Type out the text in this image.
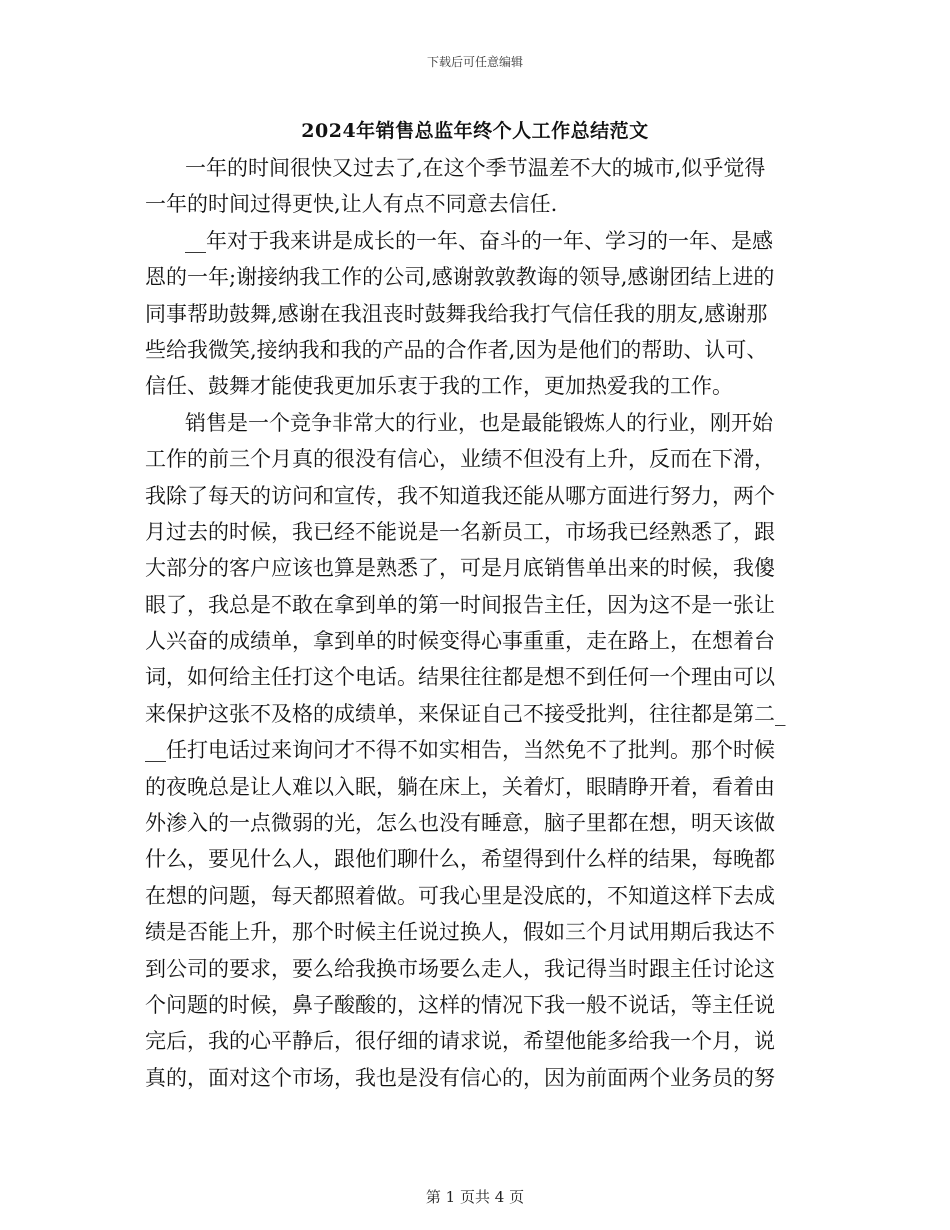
下载后可任意编辑
2024年销售总监年终个人工作总结范文
一年的时间很快又过去了,在这个季节温差不大的城市,似乎觉得
一年的时间过得更快,让人有点不同意去信任.
__年对于我来讲是成长的一年、奋斗的一年、学习的一年、是感
恩的一年;谢接纳我工作的公司,感谢敦敦教诲的领导,感谢团结上进的
同事帮助鼓舞,感谢在我沮丧时鼓舞我给我打气信任我的朋友,感谢那
些给我微笑,接纳我和我的产品的合作者,因为是他们的帮助、认可、
信任、鼓舞才能使我更加乐衷于我的工作，更加热爱我的工作。
销售是一个竞争非常大的行业，也是最能锻炼人的行业，刚开始
工作的前三个月真的很没有信心，业绩不但没有上升，反而在下滑，
我除了每天的访问和宣传，我不知道我还能从哪方面进行努力，两个
月过去的时候，我已经不能说是一名新员工，市场我已经熟悉了，跟
大部分的客户应该也算是熟悉了，可是月底销售单出来的时候，我傻
眼了，我总是不敢在拿到单的第一时间报告主任，因为这不是一张让
人兴奋的成绩单，拿到单的时候变得心事重重，走在路上，在想着台
词，如何给主任打这个电话。结果往往都是想不到任何一个理由可以
来保护这张不及格的成绩单，来保证自己不接受批判，往往都是第二_
__任打电话过来询问才不得不如实相告，当然免不了批判。那个时候
的夜晚总是让人难以入眠，躺在床上，关着灯，眼睛睁开着，看着由
外渗入的一点微弱的光，怎么也没有睡意，脑子里都在想，明天该做
什么，要见什么人，跟他们聊什么，希望得到什么样的结果，每晚都
在想的问题，每天都照着做。可我心里是没底的，不知道这样下去成
绩是否能上升，那个时候主任说过换人，假如三个月试用期后我达不
到公司的要求，要么给我换市场要么走人，我记得当时跟主任讨论这
个问题的时候，鼻子酸酸的，这样的情况下我一般不说话，等主任说
完后，我的心平静后，很仔细的请求说，希望他能多给我一个月，说
真的，面对这个市场，我也是没有信心的，因为前面两个业务员的努
第 1 页共 4 页
